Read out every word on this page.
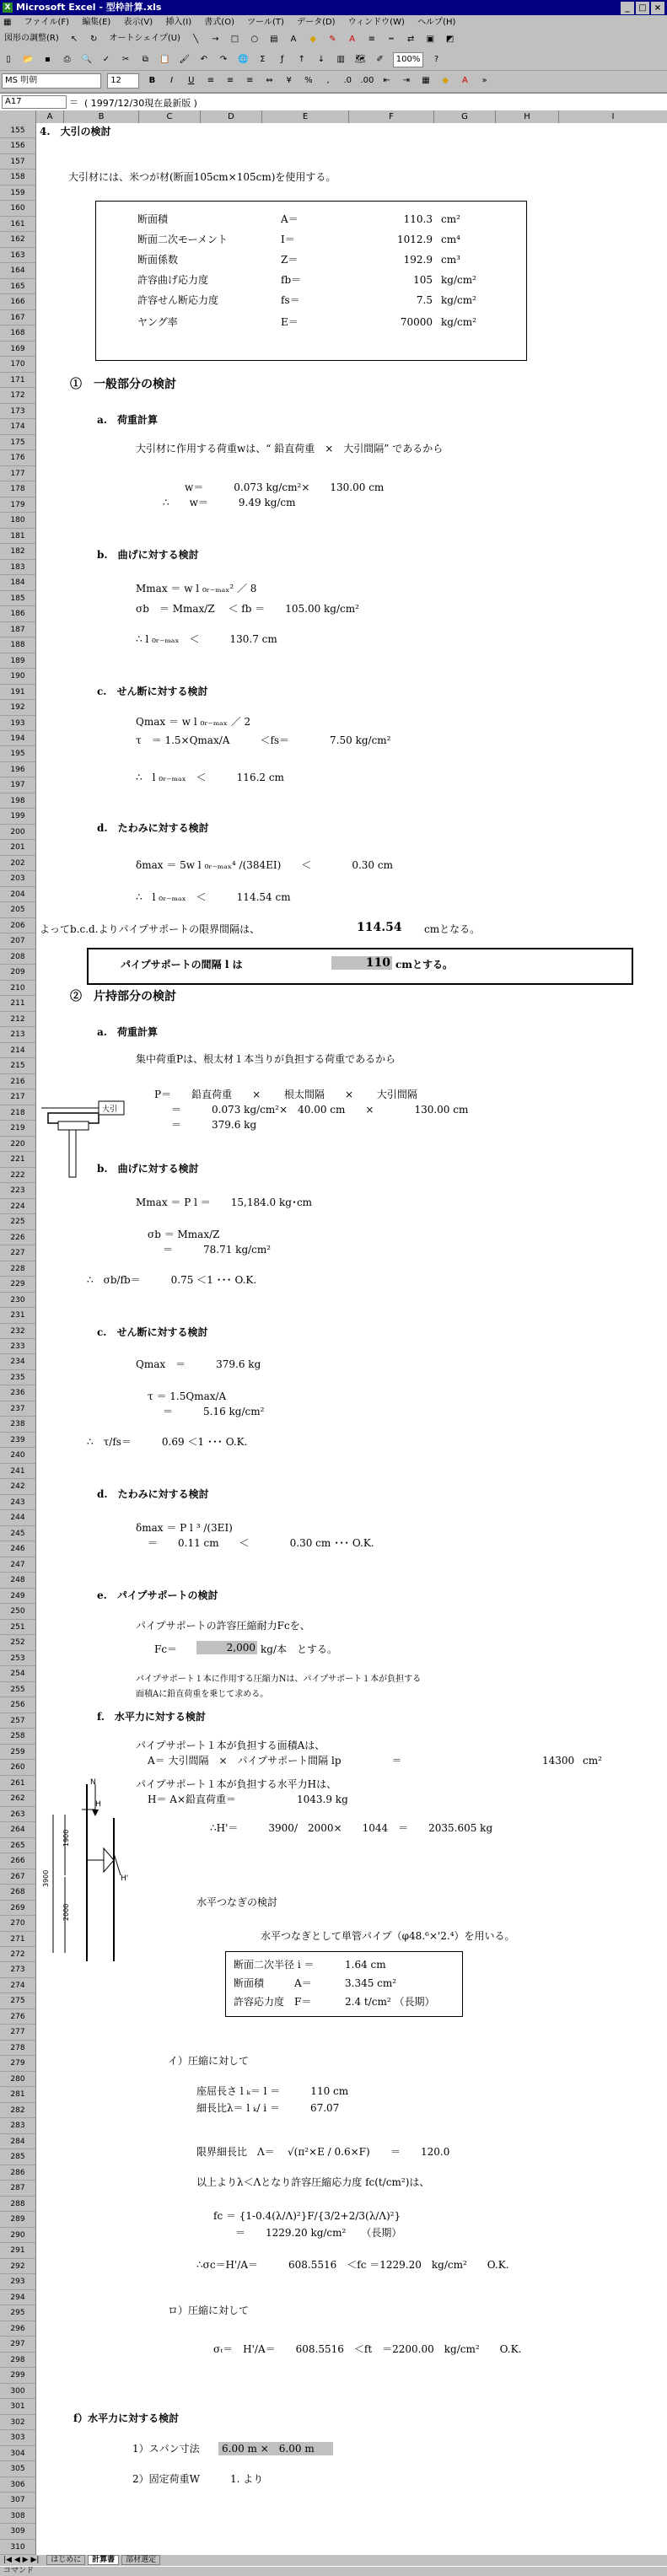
X Microsoft Excel - 型枠計算.xls	_ □ ×
▦ ファイル(F) 編集(E) 表示(V) 挿入(I) 書式(O) ツール(T) データ(D) ウィンドウ(W) ヘルプ(H)
図形の調整(R) ↖ ↻ オートシェイプ(U) ╲ → □ ○ ▤ A ◆ ✎ A ≡ ┅ ⇄ ▣ ◩
▯ 📂 ▪ ⎙ 🔍 ✓ ✂ ⧉ 📋 🖌 ↶ ↷ 🌐 Σ ƒ ↑ ↓ ▥ 🗺 ✐ 100% ?
MS 明朝	12	B I U ≡ ≡ ≡ ⇔ ¥ % , .0 .00 ⇤ ⇥ ▦ ◆ A »
A17	＝ ( 1997/12/30現在最新版 )
A	B	C	D	E	F	G	H	I
155
156
157
158
159
160
161
162
163
164
165
166
167
168
169
170
171
172
173
174
175
176
177
178
179
180
181
182
183
184
185
186
187
188
189
190
191
192
193
194
195
196
197
198
199
200
201
202
203
204
205
206
207
208
209
210
211
212
213
214
215
216
217
218
219
220
221
222
223
224
225
226
227
228
229
230
231
232
233
234
235
236
237
238
239
240
241
242
243
244
245
246
247
248
249
250
251
252
253
254
255
256
257
258
259
260
261
262
263
264
265
266
267
268
269
270
271
272
273
274
275
276
277
278
279
280
281
282
283
284
285
286
287
288
289
290
291
292
293
294
295
296
297
298
299
300
301
302
303
304
305
306
307
308
309
310
4.　大引の検討
大引材には、米つが材(断面105cm×105cm)を使用する。
断面積	A＝	110.3 cm²
断面二次モーメント	I＝	1012.9 cm⁴
断面係数	Z＝	192.9 cm³
許容曲げ応力度	fb＝	105 kg/cm²
許容せん断応力度	fs＝	7.5 kg/cm²
ヤング率	E＝	70000 kg/cm²
①　一般部分の検討
a.　荷重計算
大引材に作用する荷重wは、“ 鉛直荷重　×　大引間隔” であるから
w＝　　　0.073 kg/cm²×　　130.00 cm
∴　　w＝　　　9.49 kg/cm
b.　曲げに対する検討
Mmax ＝ w l ₀ᵣ₋ₘₐₓ² ／ 8
σb　＝ Mmax/Z　 ＜ fb ＝　　105.00 kg/cm²
∴ l ₀ᵣ₋ₘₐₓ　＜　　　130.7 cm
c.　せん断に対する検討
Qmax ＝ w l ₀ᵣ₋ₘₐₓ ／ 2
τ　＝ 1.5×Qmax/A　　　＜fs＝　　　　7.50 kg/cm²
∴　l ₀ᵣ₋ₘₐₓ　＜　　　116.2 cm
d.　たわみに対する検討
δmax ＝ 5w l ₀ᵣ₋ₘₐₓ⁴ /(384EI)　　＜　　　　0.30 cm
∴　l ₀ᵣ₋ₘₐₓ　＜　　　114.54 cm
よってb.c.d.よりパイプサポートの限界間隔は、	114.54 cmとなる。
パイプサポートの間隔 l は	110 cmとする。
②　片持部分の検討
a.　荷重計算
集中荷重Pは、根太材１本当りが負担する荷重であるから
P＝　　鉛直荷重　　×　　 根太間隔　　×　　 大引間隔
＝　　　0.073 kg/cm²×　40.00 cm　　×　　　　130.00 cm
＝　　　379.6 kg
大引
b.　曲げに対する検討
Mmax ＝ P l ＝　　15,184.0 kg･cm
σb ＝ Mmax/Z
＝　　　78.71 kg/cm²
∴　σb/fb＝　　　0.75 ＜1 ･･･ O.K.
c.　せん断に対する検討
Qmax　＝　　　379.6 kg
τ ＝ 1.5Qmax/A
＝　　　5.16 kg/cm²
∴　τ/fs＝　　　0.69 ＜1 ･･･ O.K.
d.　たわみに対する検討
δmax ＝ P l ³ /(3EI)
＝　　0.11 cm　　＜　　　　0.30 cm ･･･ O.K.
e.　パイプサポートの検討
パイプサポートの許容圧縮耐力Fcを、
Fc＝	2,000 kg/本　とする。
パイプサポート１本に作用する圧縮力Nは、パイプサポート１本が負担する
面積Aに鉛直荷重を乗じて求める。
f.　水平力に対する検討
パイプサポート１本が負担する面積Aは、
A＝ 大引間隔　×　パイプサポート間隔 lp　　　　　＝	14300 cm²
パイプサポート１本が負担する水平力Hは、
H＝ A×鉛直荷重＝　　　　　　1043.9 kg
∴H'＝　　　3900/　2000×　　1044　＝　　2035.605 kg
N
H
H'
1900
3900
2000
水平つなぎの検討
水平つなぎとして単管パイプ（φ48.⁶×'2.⁴）を用いる。
断面二次半径 i ＝	1.64 cm
断面積　　　A＝	3.345 cm²
許容応力度　F＝	2.4 t/cm² （長期）
イ）圧縮に対して
座屈長さ l ₖ＝ l ＝　　　110 cm
細長比λ＝ l ₖ/ i ＝　　　67.07
限界細長比　Λ＝ √(π²×E / 0.6×F) ＝　　120.0
以上よりλ＜Λとなり許容圧縮応力度 fc(t/cm²)は、
fc ＝ {1-0.4(λ/Λ)²}F/{3/2+2/3(λ/Λ)²}
＝　　1229.20 kg/cm²　　（長期）
∴σc＝H'/A＝　　　608.5516　＜fc ＝1229.20　kg/cm²　　O.K.
ロ）圧縮に対して
σₜ＝　H'/A＝　　608.5516　＜ft　＝2200.00　kg/cm²　　O.K.
f）水平力に対する検討
1）スパン寸法	6.00 m ×　6.00 m
2）固定荷重W　　　1. より
|◀ ◀ ▶ ▶| はじめに 計算書 部材選定
コマンド
